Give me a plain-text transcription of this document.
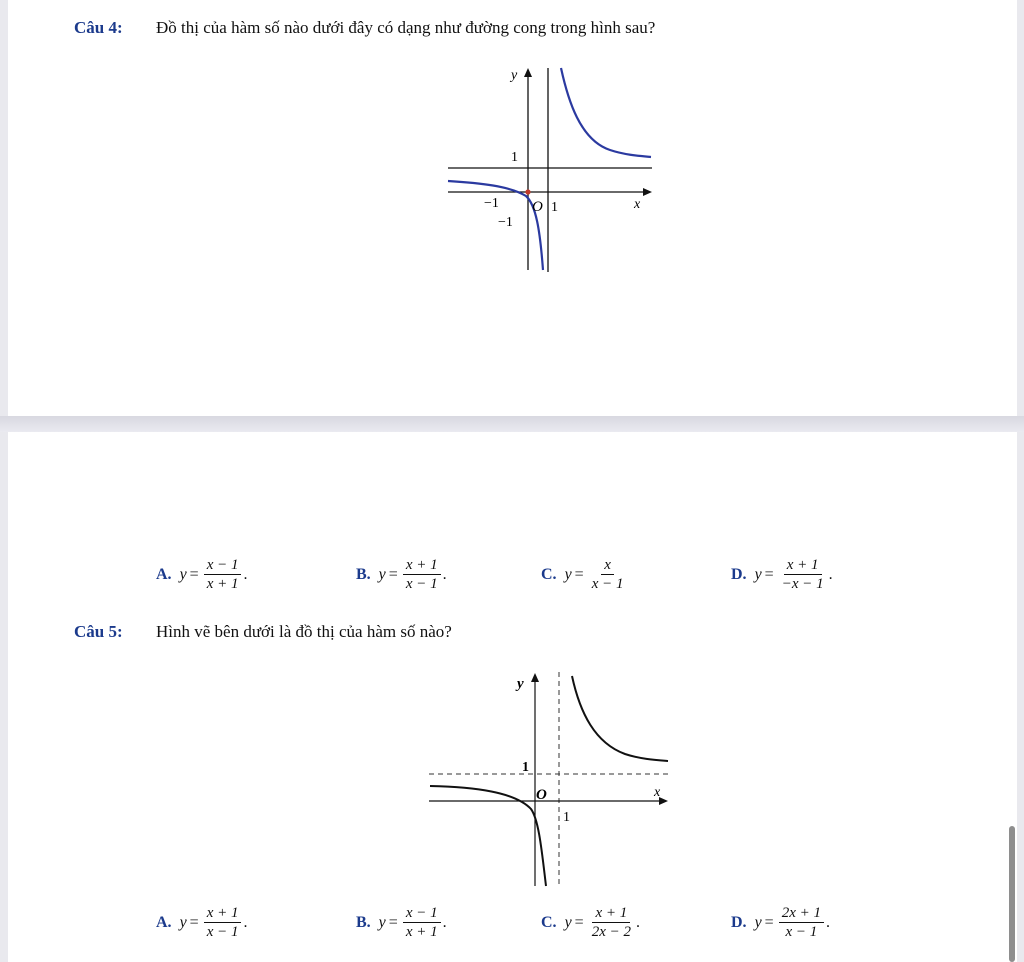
Câu 4: Đồ thị của hàm số nào dưới đây có dạng như đường cong trong hình sau?
y
x
1
−1
−1
O 1
A. $y = \frac{x - 1}{x + 1}$ .	B. $y = \frac{x + 1}{x - 1}$ .	C. $y = \frac{x}{x - 1}$	D. $y = \frac{x + 1}{-x - 1}$ .
Câu 5: Hình vẽ bên dưới là đồ thị của hàm số nào?
y
x
1
O
1
A. $y = \frac{x + 1}{x - 1}$ .	B. $y = \frac{x - 1}{x + 1}$ .	C. $y = \frac{x + 1}{2x - 2}$ .	D. $y = \frac{2x + 1}{x - 1}$ .
